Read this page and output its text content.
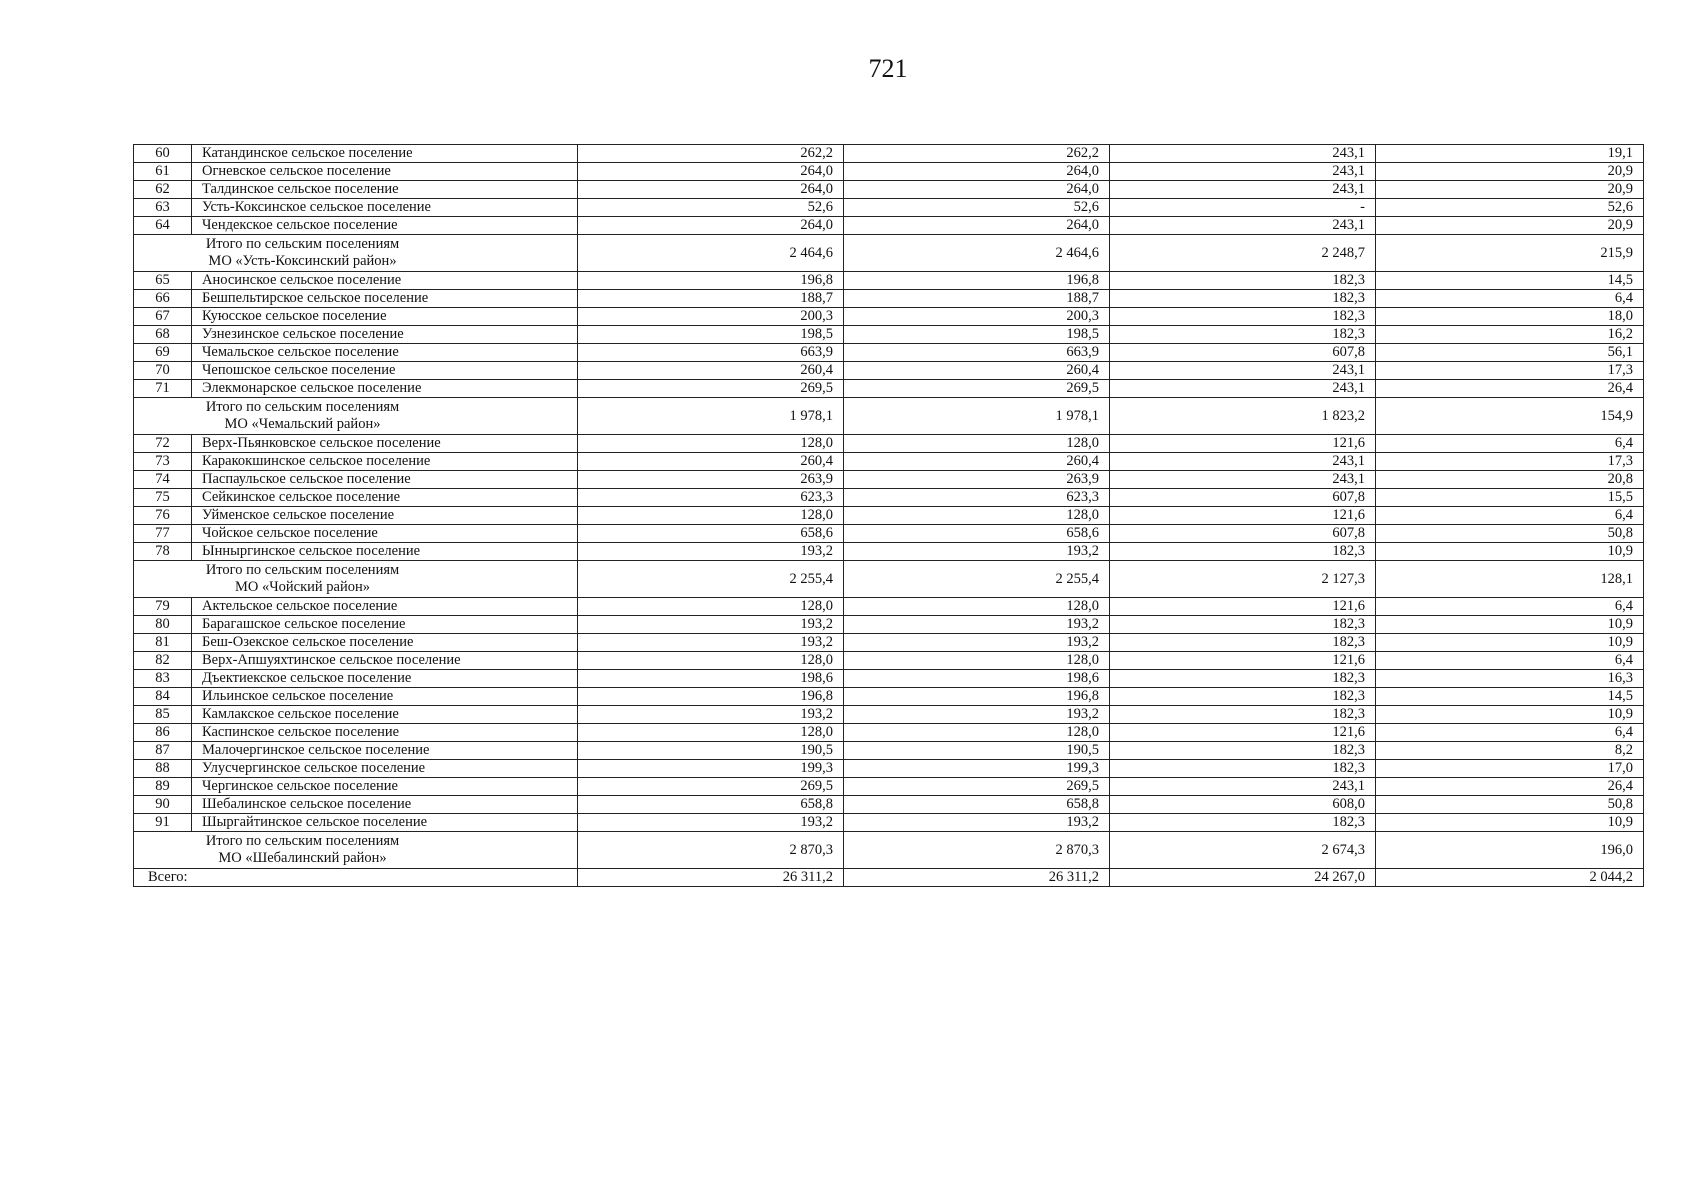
721
60	Катандинское сельское поселение	262,2	262,2	243,1	19,1
61	Огневское сельское поселение	264,0	264,0	243,1	20,9
62	Талдинское сельское поселение	264,0	264,0	243,1	20,9
63	Усть-Коксинское сельское поселение	52,6	52,6	-	52,6
64	Чендекское сельское поселение	264,0	264,0	243,1	20,9

Итого по сельским поселениям
МО «Усть-Коксинский район»		2 464,6	2 464,6	2 248,7	215,9
65	Аносинское сельское поселение	196,8	196,8	182,3	14,5
66	Бешпельтирское сельское поселение	188,7	188,7	182,3	6,4
67	Куюсское сельское поселение	200,3	200,3	182,3	18,0
68	Узнезинское сельское поселение	198,5	198,5	182,3	16,2
69	Чемальское сельское поселение	663,9	663,9	607,8	56,1
70	Чепошское сельское поселение	260,4	260,4	243,1	17,3
71	Элекмонарское сельское поселение	269,5	269,5	243,1	26,4

Итого по сельским поселениям
МО «Чемальский район»		1 978,1	1 978,1	1 823,2	154,9
72	Верх-Пьянковское сельское поселение	128,0	128,0	121,6	6,4
73	Каракокшинское сельское поселение	260,4	260,4	243,1	17,3
74	Паспаульское сельское поселение	263,9	263,9	243,1	20,8
75	Сейкинское сельское поселение	623,3	623,3	607,8	15,5
76	Уйменское сельское поселение	128,0	128,0	121,6	6,4
77	Чойское сельское поселение	658,6	658,6	607,8	50,8
78	Ынныргинское сельское поселение	193,2	193,2	182,3	10,9

Итого по сельским поселениям
МО «Чойский район»		2 255,4	2 255,4	2 127,3	128,1
79	Актельское сельское поселение	128,0	128,0	121,6	6,4
80	Барагашское сельское поселение	193,2	193,2	182,3	10,9
81	Беш-Озекское сельское поселение	193,2	193,2	182,3	10,9
82	Верх-Апшуяхтинское сельское поселение	128,0	128,0	121,6	6,4
83	Дъектиекское сельское поселение	198,6	198,6	182,3	16,3
84	Ильинское сельское поселение	196,8	196,8	182,3	14,5
85	Камлакское сельское поселение	193,2	193,2	182,3	10,9
86	Каспинское сельское поселение	128,0	128,0	121,6	6,4
87	Малочергинское сельское поселение	190,5	190,5	182,3	8,2
88	Улусчергинское сельское поселение	199,3	199,3	182,3	17,0
89	Чергинское сельское поселение	269,5	269,5	243,1	26,4
90	Шебалинское сельское поселение	658,8	658,8	608,0	50,8
91	Шыргайтинское сельское поселение	193,2	193,2	182,3	10,9

Итого по сельским поселениям
МО «Шебалинский район»		2 870,3	2 870,3	2 674,3	196,0
Всего:		26 311,2	26 311,2	24 267,0	2 044,2
